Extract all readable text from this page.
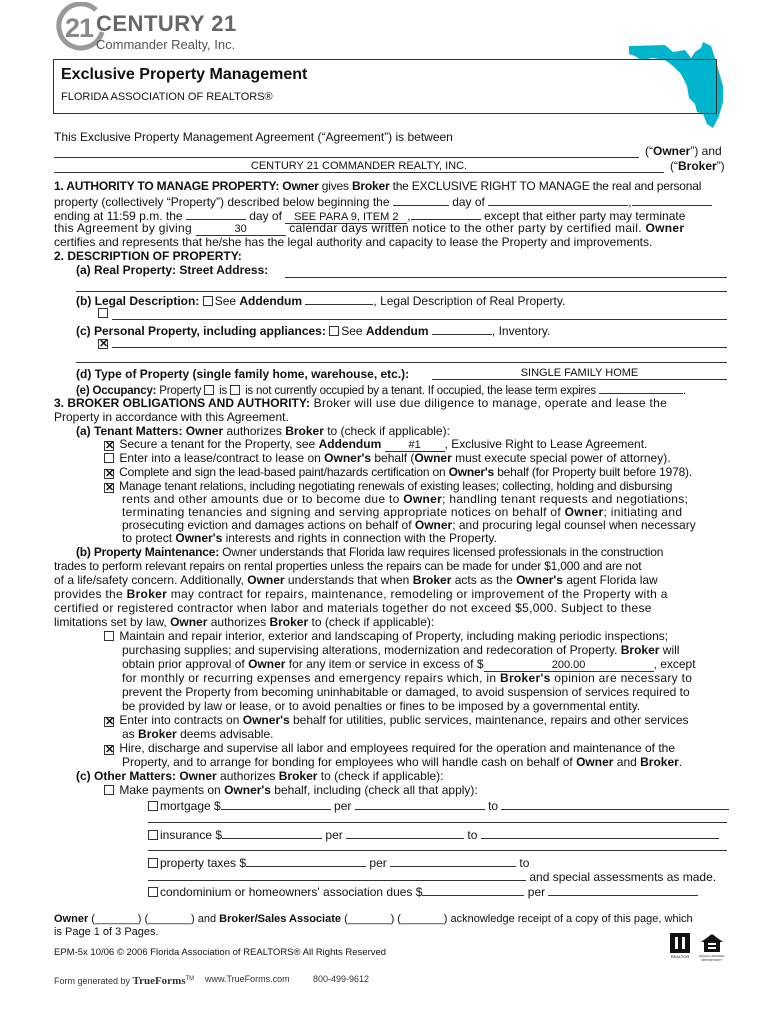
21 CENTURY 21
Commander Realty, Inc.
Exclusive Property Management
FLORIDA ASSOCIATION OF REALTORS®
This Exclusive Property Management Agreement (“Agreement”) is between
(“Owner”) and
CENTURY 21 COMMANDER REALTY, INC.	(“Broker”)
1. AUTHORITY TO MANAGE PROPERTY: Owner gives Broker the EXCLUSIVE RIGHT TO MANAGE the real and personal
property (collectively “Property”) described below beginning the	day of	,
ending at 11:59 p.m. the	day of SEE PARA 9, ITEM 2 ,	except that either party may terminate
this Agreement by giving	30	calendar days written notice to the other party by certified mail. Owner
certifies and represents that he/she has the legal authority and capacity to lease the Property and improvements.
2. DESCRIPTION OF PROPERTY:
(a) Real Property: Street Address:
(b) Legal Description: See Addendum	, Legal Description of Real Property.
(c) Personal Property, including appliances: See Addendum	, Inventory.
✕
(d) Type of Property (single family home, warehouse, etc.):	SINGLE FAMILY HOME
(e) Occupancy: Property is is not currently occupied by a tenant. If occupied, the lease term expires	.
3. BROKER OBLIGATIONS AND AUTHORITY: Broker will use due diligence to manage, operate and lease the
Property in accordance with this Agreement.
(a) Tenant Matters: Owner authorizes Broker to (check if applicable):
✕ Secure a tenant for the Property, see Addendum #1 , Exclusive Right to Lease Agreement.
Enter into a lease/contract to lease on Owner's behalf (Owner must execute special power of attorney).
✕ Complete and sign the lead-based paint/hazards certification on Owner's behalf (for Property built before 1978).
✕ Manage tenant relations, including negotiating renewals of existing leases; collecting, holding and disbursing
rents and other amounts due or to become due to Owner; handling tenant requests and negotiations;
terminating tenancies and signing and serving appropriate notices on behalf of Owner; initiating and
prosecuting eviction and damages actions on behalf of Owner; and procuring legal counsel when necessary
to protect Owner's interests and rights in connection with the Property.
(b) Property Maintenance: Owner understands that Florida law requires licensed professionals in the construction
trades to perform relevant repairs on rental properties unless the repairs can be made for under $1,000 and are not
of a life/safety concern. Additionally, Owner understands that when Broker acts as the Owner's agent Florida law
provides the Broker may contract for repairs, maintenance, remodeling or improvement of the Property with a
certified or registered contractor when labor and materials together do not exceed $5,000. Subject to these
limitations set by law, Owner authorizes Broker to (check if applicable):
Maintain and repair interior, exterior and landscaping of Property, including making periodic inspections;
purchasing supplies; and supervising alterations, modernization and redecoration of Property. Broker will
obtain prior approval of Owner for any item or service in excess of $	200.00	, except
for monthly or recurring expenses and emergency repairs which, in Broker's opinion are necessary to
prevent the Property from becoming uninhabitable or damaged, to avoid suspension of services required to
be provided by law or lease, or to avoid penalties or fines to be imposed by a governmental entity.
✕ Enter into contracts on Owner's behalf for utilities, public services, maintenance, repairs and other services
as Broker deems advisable.
✕ Hire, discharge and supervise all labor and employees required for the operation and maintenance of the
Property, and to arrange for bonding for employees who will handle cash on behalf of Owner and Broker.
(c) Other Matters: Owner authorizes Broker to (check if applicable):
Make payments on Owner's behalf, including (check all that apply):
mortgage $	per	to
insurance $	per	to
property taxes $	per	to
and special assessments as made.
condominium or homeowners' association dues $	per
Owner (_______) (_______) and Broker/Sales Associate (_______) (_______) acknowledge receipt of a copy of this page, which
is Page 1 of 3 Pages.
EPM-5x 10/06 © 2006 Florida Association of REALTORS® All Rights Reserved
Form generated by TrueForms™ www.TrueForms.com	800-499-9612
REALTOR	EQUAL HOUSING OPPORTUNITY
